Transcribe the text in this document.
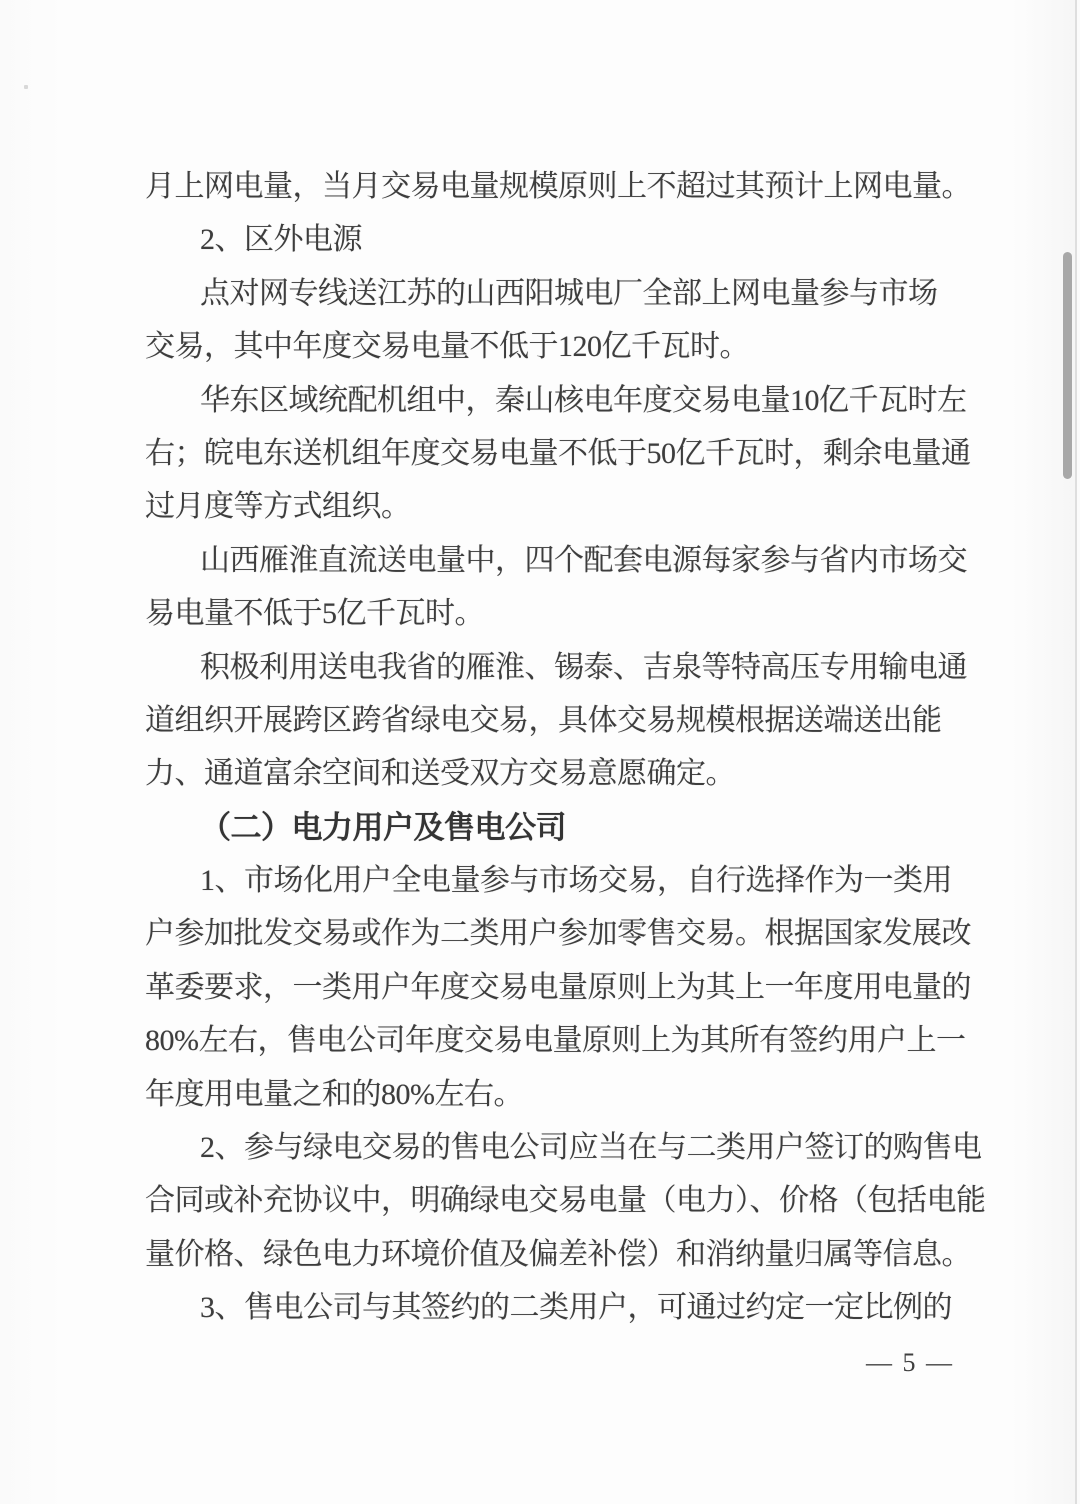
月上网电量，当月交易电量规模原则上不超过其预计上网电量。
2、区外电源
点对网专线送江苏的山西阳城电厂全部上网电量参与市场
交易，其中年度交易电量不低于120亿千瓦时。
华东区域统配机组中，秦山核电年度交易电量10亿千瓦时左
右；皖电东送机组年度交易电量不低于50亿千瓦时，剩余电量通
过月度等方式组织。
山西雁淮直流送电量中，四个配套电源每家参与省内市场交
易电量不低于5亿千瓦时。
积极利用送电我省的雁淮、锡泰、吉泉等特高压专用输电通
道组织开展跨区跨省绿电交易，具体交易规模根据送端送出能
力、通道富余空间和送受双方交易意愿确定。
（二）电力用户及售电公司
1、市场化用户全电量参与市场交易，自行选择作为一类用
户参加批发交易或作为二类用户参加零售交易。根据国家发展改
革委要求，一类用户年度交易电量原则上为其上一年度用电量的
80%左右，售电公司年度交易电量原则上为其所有签约用户上一
年度用电量之和的80%左右。
2、参与绿电交易的售电公司应当在与二类用户签订的购售电
合同或补充协议中，明确绿电交易电量（电力）、价格（包括电能
量价格、绿色电力环境价值及偏差补偿）和消纳量归属等信息。
3、售电公司与其签约的二类用户，可通过约定一定比例的
— 5 —
